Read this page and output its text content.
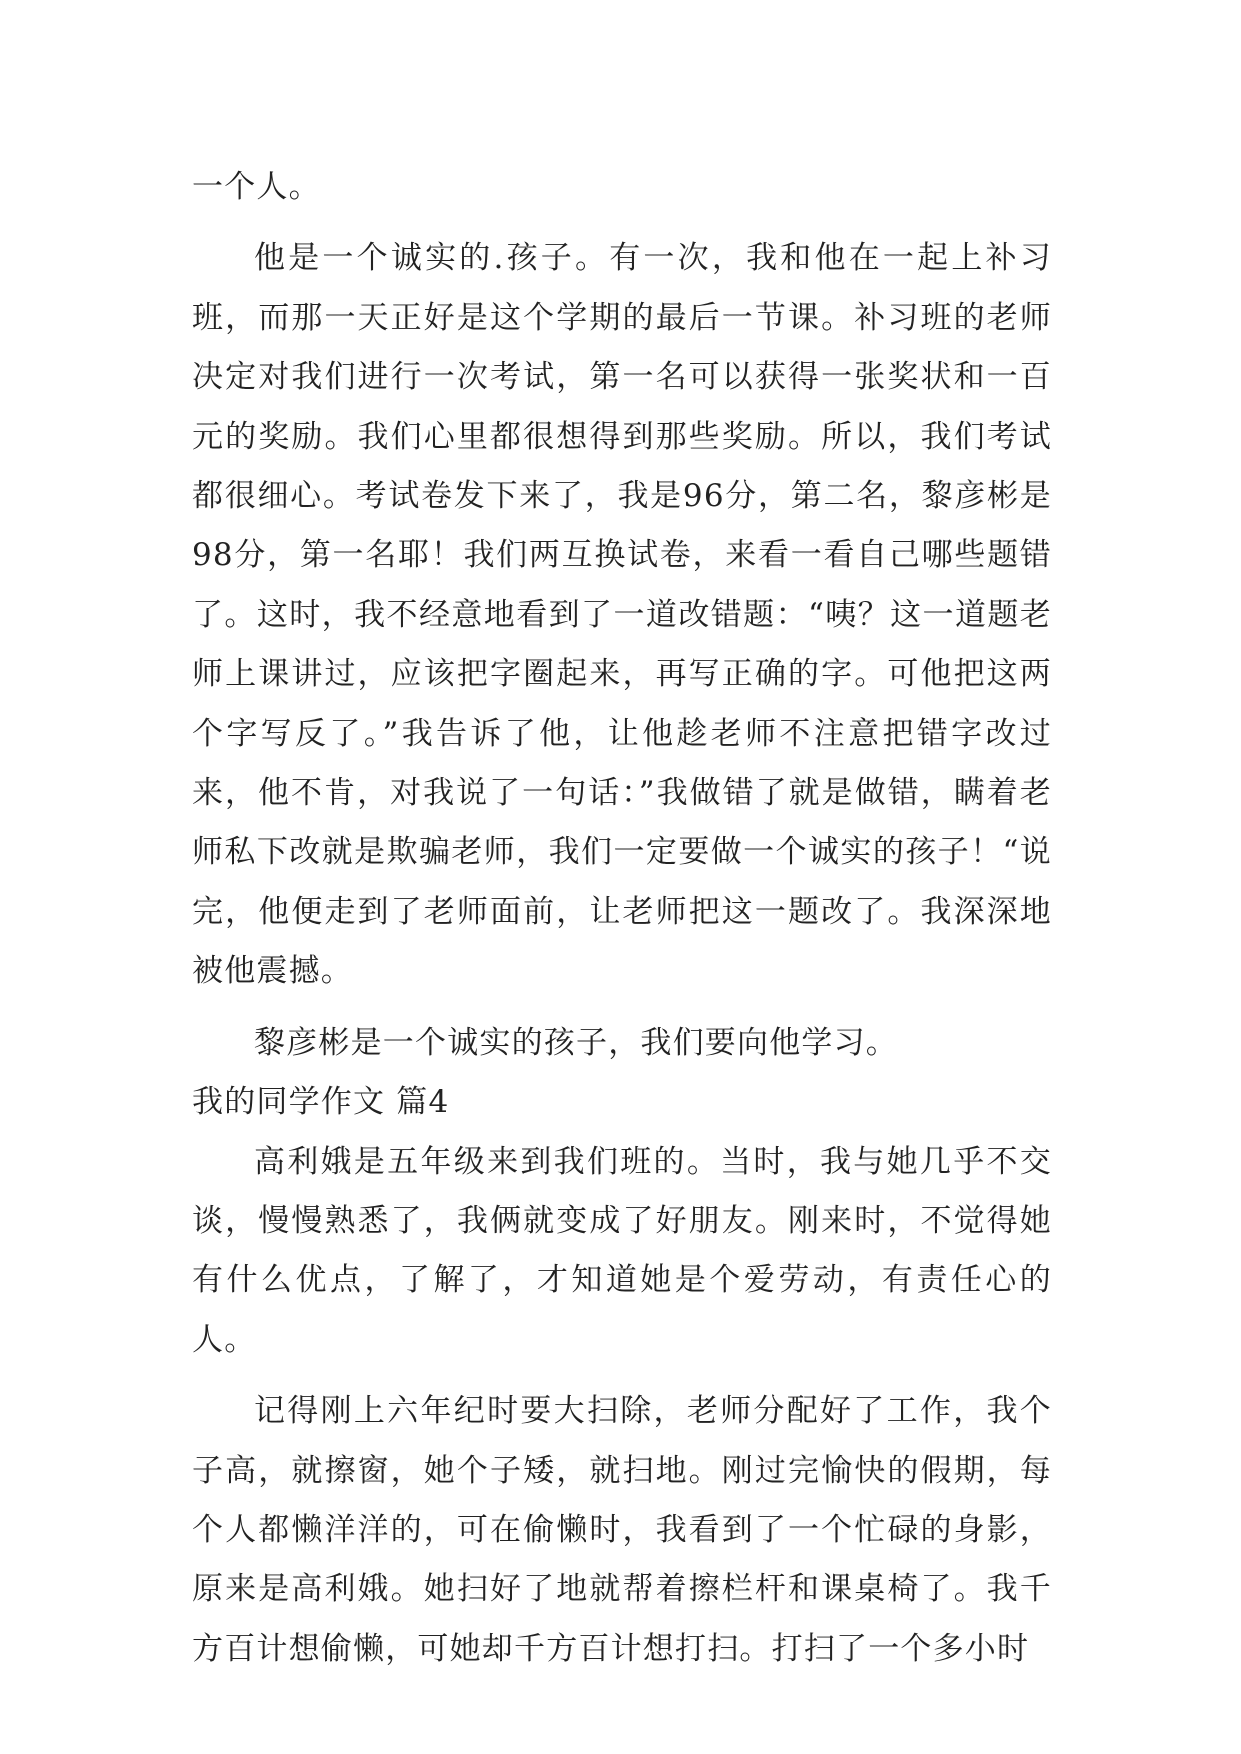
一个人。

他是一个诚实的.孩子。有一次，我和他在一起上补习班，而那一天正好是这个学期的最后一节课。补习班的老师决定对我们进行一次考试，第一名可以获得一张奖状和一百元的奖励。我们心里都很想得到那些奖励。所以，我们考试都很细心。考试卷发下来了，我是96分，第二名，黎彦彬是98分，第一名耶！我们两互换试卷，来看一看自己哪些题错了。这时，我不经意地看到了一道改错题：“咦？这一道题老师上课讲过，应该把字圈起来，再写正确的字。可他把这两个字写反了。”我告诉了他，让他趁老师不注意把错字改过来，他不肯，对我说了一句话：”我做错了就是做错，瞒着老师私下改就是欺骗老师，我们一定要做一个诚实的孩子！“说完，他便走到了老师面前，让老师把这一题改了。我深深地被他震撼。

黎彦彬是一个诚实的孩子，我们要向他学习。

我的同学作文 篇4

高利娥是五年级来到我们班的。当时，我与她几乎不交谈，慢慢熟悉了，我俩就变成了好朋友。刚来时，不觉得她有什么优点，了解了，才知道她是个爱劳动，有责任心的人。

记得刚上六年纪时要大扫除，老师分配好了工作，我个子高，就擦窗，她个子矮，就扫地。刚过完愉快的假期，每个人都懒洋洋的，可在偷懒时，我看到了一个忙碌的身影，原来是高利娥。她扫好了地就帮着擦栏杆和课桌椅了。我千方百计想偷懒，可她却千方百计想打扫。打扫了一个多小时
